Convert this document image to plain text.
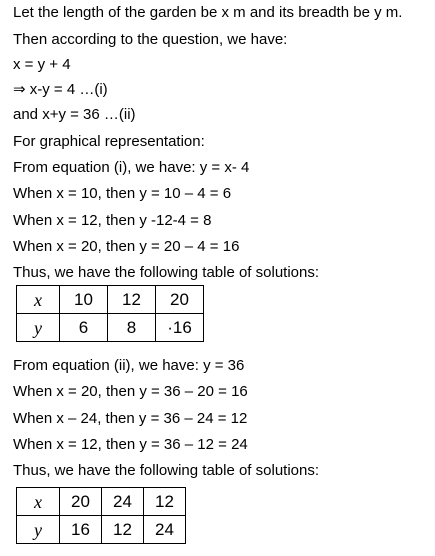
Let the length of the garden be x m and its breadth be y m.
Then according to the question, we have:
x = y + 4
⇒ x-y = 4 …(i)
and x+y = 36 …(ii)
For graphical representation:
From equation (i), we have: y = x- 4
When x = 10, then y = 10 – 4 = 6
When x = 12, then y -12-4 = 8
When x = 20, then y = 20 – 4 = 16
Thus, we have the following table of solutions:
x	10	12	20
y	6	8	·16
From equation (ii), we have: y = 36
When x = 20, then y = 36 – 20 = 16
When x – 24, then y = 36 – 24 = 12
When x = 12, then y = 36 – 12 = 24
Thus, we have the following table of solutions:
x	20	24	12
y	16	12	24
